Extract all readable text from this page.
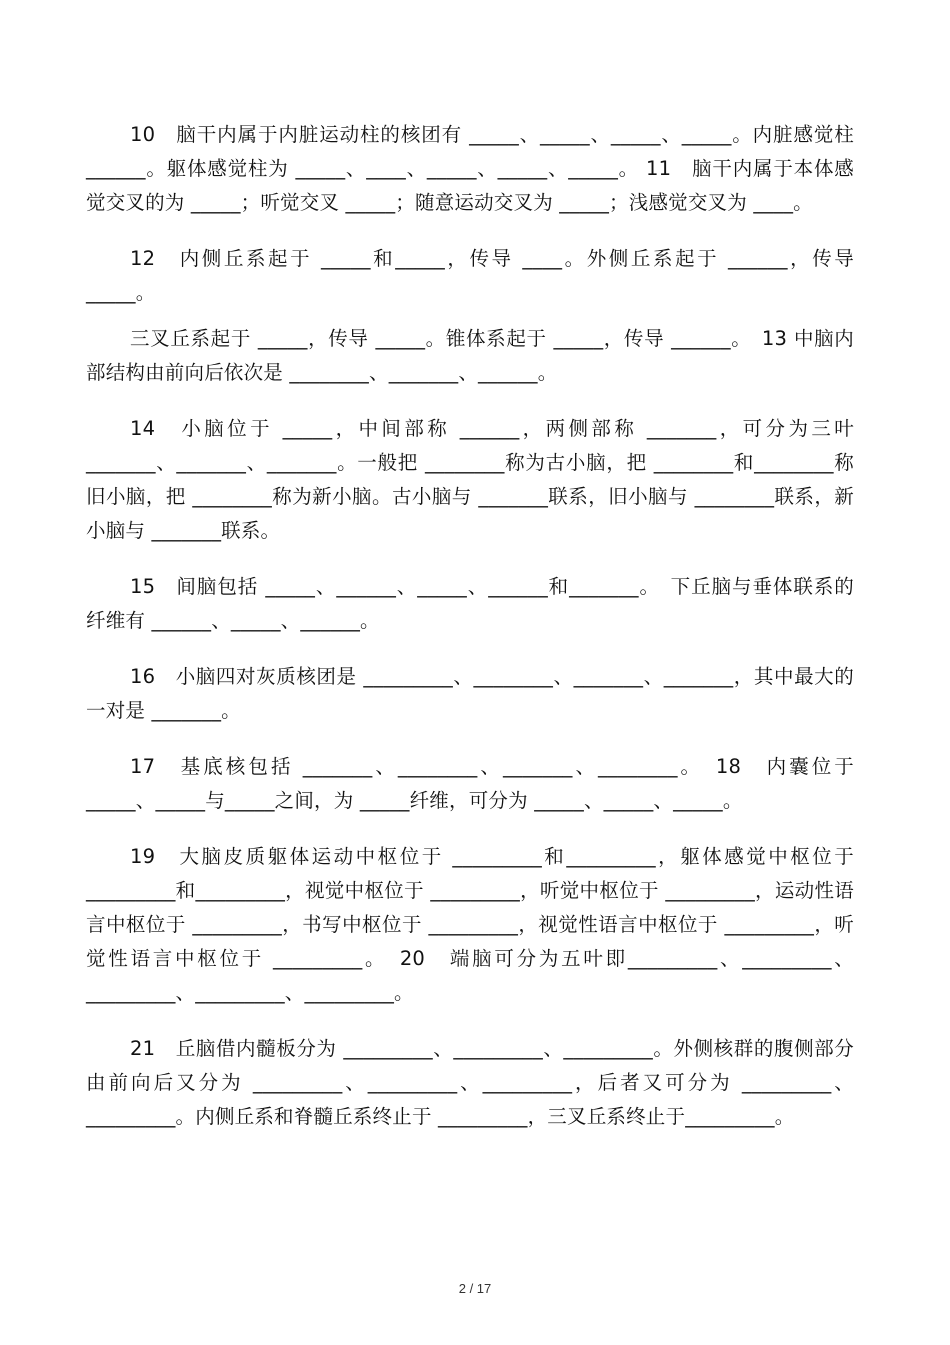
10　脑干内属于内脏运动柱的核团有 _____、_____、_____、_____。内脏感觉柱 ______。躯体感觉柱为 _____、____、_____、_____、_____。 11　脑干内属于本体感觉交叉的为 _____；听觉交叉 _____；随意运动交叉为 _____；浅感觉交叉为 ____。

12　内侧丘系起于 _____和_____，传导 ____。外侧丘系起于 ______，传导 _____。

三叉丘系起于 _____，传导 _____。锥体系起于 _____，传导 ______。　13 中脑内部结构由前向后依次是 ________、_______、______。

14　小脑位于 _____，中间部称 ______，两侧部称 _______，可分为三叶 _______、_______、_______。一般把 ________称为古小脑，把 ________和________称旧小脑，把 ________称为新小脑。古小脑与 _______联系，旧小脑与 ________联系，新小脑与 _______联系。

15　间脑包括 _____、______、_____、______和_______。　下丘脑与垂体联系的纤维有 ______、_____、______。

16　小脑四对灰质核团是 _________、________、_______、_______，其中最大的一对是 _______。

17　基底核包括 _______、________、_______、________。　18　内囊位于_____、_____与_____之间，为 _____纤维，可分为 _____、_____、_____。

19　大脑皮质躯体运动中枢位于 _________和_________，躯体感觉中枢位于_________和_________，视觉中枢位于 _________，听觉中枢位于 _________，运动性语言中枢位于 _________，书写中枢位于 _________，视觉性语言中枢位于 _________，听觉性语言中枢位于 _________。　20　端脑可分为五叶即_________、_________、_________、_________、_________。

21　丘脑借内髓板分为 _________、_________、_________。外侧核群的腹侧部分由前向后又分为 _________、_________、_________，后者又可分为 _________、_________。内侧丘系和脊髓丘系终止于 _________，三叉丘系终止于_________。

2 / 17
